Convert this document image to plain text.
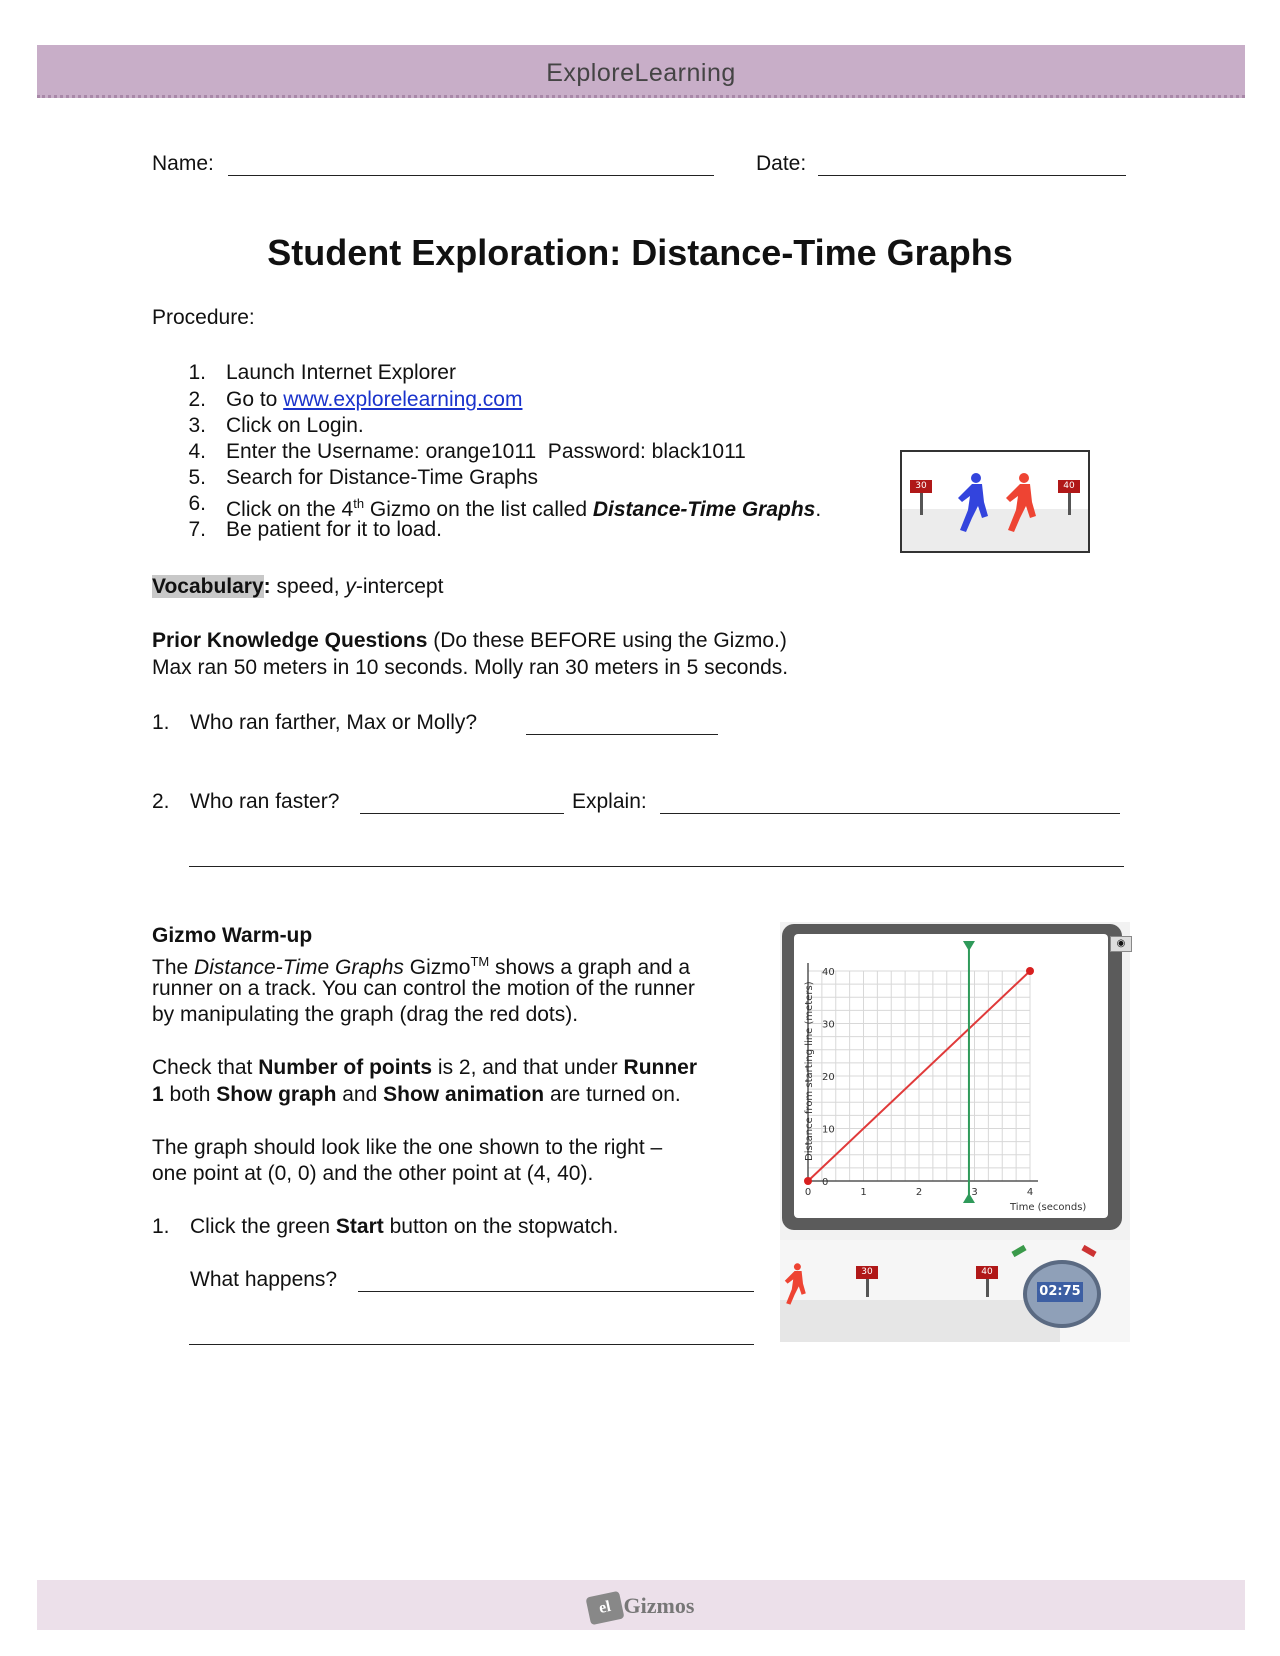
ExploreLearning
Name:	Date:
Student Exploration: Distance-Time Graphs
Procedure:
1. Launch Internet Explorer
2. Go to www.explorelearning.com
3. Click on Login.
4. Enter the Username: orange1011  Password: black1011
5. Search for Distance-Time Graphs
6. Click on the 4th Gizmo on the list called Distance-Time Graphs.
7. Be patient for it to load.
30	40
Vocabulary: speed, y-intercept
Prior Knowledge Questions (Do these BEFORE using the Gizmo.)
Max ran 50 meters in 10 seconds. Molly ran 30 meters in 5 seconds.
1. Who ran farther, Max or Molly?
2. Who ran faster?	Explain:
Gizmo Warm-up
The Distance-Time Graphs Gizmo™ shows a graph and a
runner on a track. You can control the motion of the runner
by manipulating the graph (drag the red dots).
Check that Number of points is 2, and that under Runner
1 both Show graph and Show animation are turned on.
The graph should look like the one shown to the right –
one point at (0, 0) and the other point at (4, 40).
1. Click the green Start button on the stopwatch.
What happens?
◉
0	1	2	3	4
0
10
20
30
40
Distance from starting line (meters)
Time (seconds)
30	40
02:75
el Gizmos
